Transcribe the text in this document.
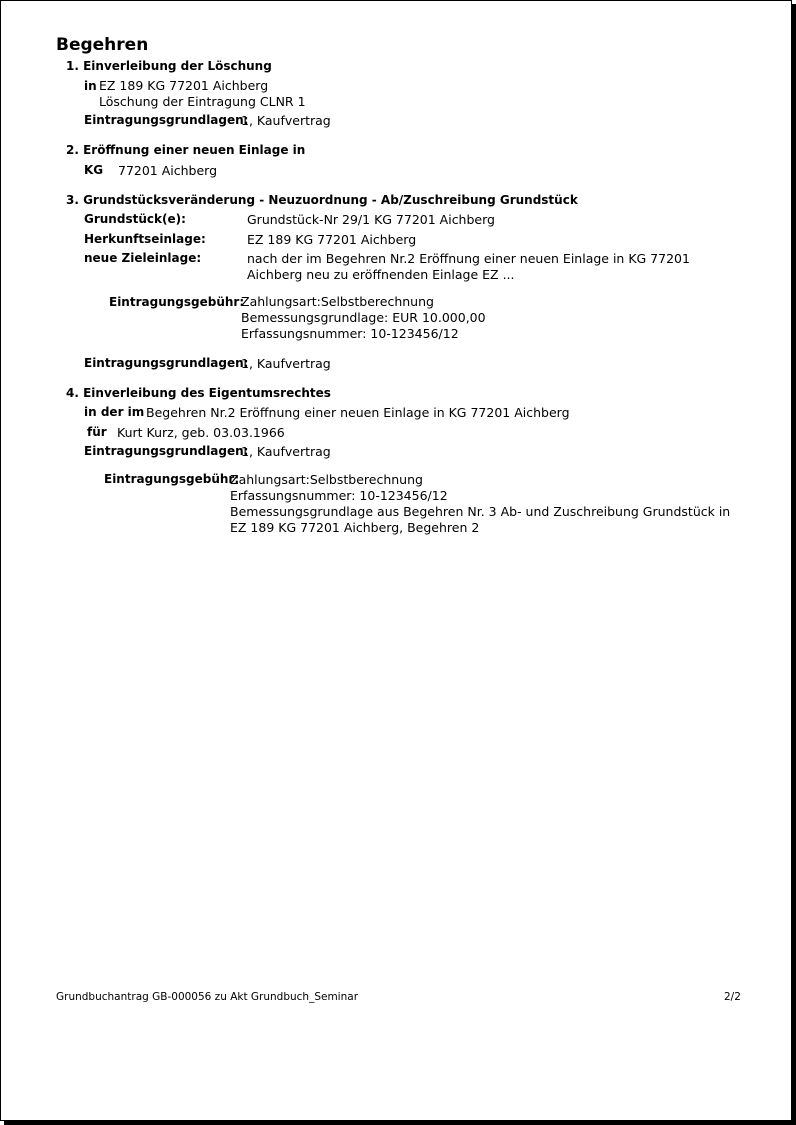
Begehren
1. Einverleibung der Löschung
in EZ 189 KG 77201 Aichberg
Löschung der Eintragung CLNR 1
Eintragungsgrundlagen:
1, Kaufvertrag
2. Eröffnung einer neuen Einlage in
KG 77201 Aichberg
3. Grundstücksveränderung - Neuzuordnung - Ab/Zuschreibung Grundstück
Grundstück(e):	Grundstück-Nr 29/1 KG 77201 Aichberg
Herkunftseinlage:	EZ 189 KG 77201 Aichberg
neue Zieleinlage:	nach der im Begehren Nr.2 Eröffnung einer neuen Einlage in KG 77201
Aichberg neu zu eröffnenden Einlage EZ ...
Eintragungsgebühr:
Zahlungsart:Selbstberechnung
Bemessungsgrundlage: EUR 10.000,00
Erfassungsnummer: 10-123456/12
Eintragungsgrundlagen:
1, Kaufvertrag
4. Einverleibung des Eigentumsrechtes
in der im Begehren Nr.2 Eröffnung einer neuen Einlage in KG 77201 Aichberg
für Kurt Kurz, geb. 03.03.1966
Eintragungsgrundlagen:
1, Kaufvertrag
Eintragungsgebühr:
Zahlungsart:Selbstberechnung
Erfassungsnummer: 10-123456/12
Bemessungsgrundlage aus Begehren Nr. 3 Ab- und Zuschreibung Grundstück in
EZ 189 KG 77201 Aichberg, Begehren 2
Grundbuchantrag GB-000056 zu Akt Grundbuch_Seminar	2/2
